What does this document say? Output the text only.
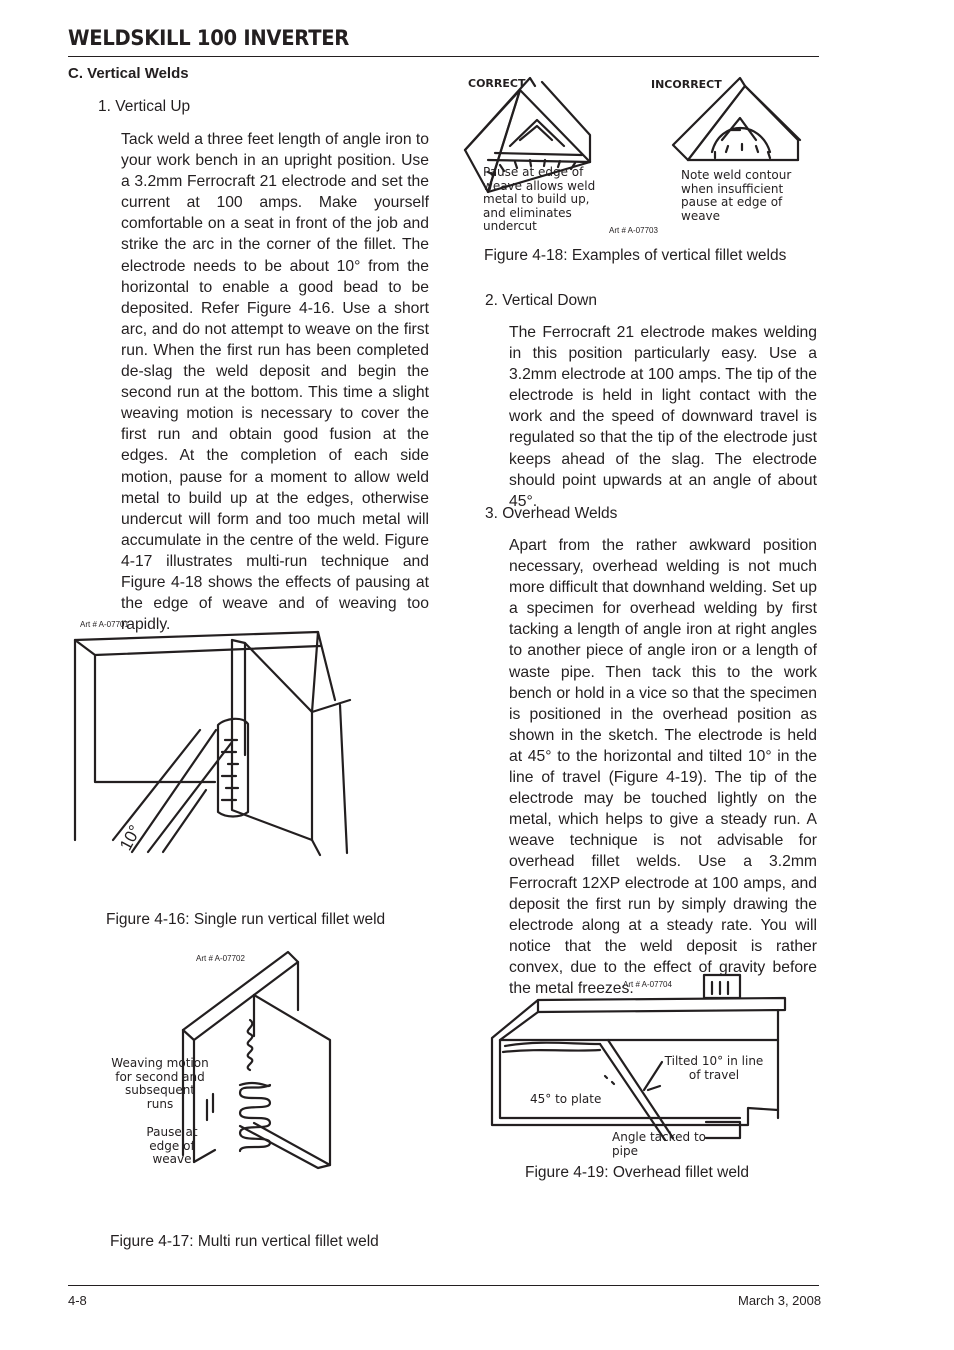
WELDSKILL 100 INVERTER
C. Vertical Welds
1. Vertical Up

Tack weld a three feet length of angle iron to your work bench in an upright position. Use a 3.2mm Ferrocraft 21 electrode and set the current at 100 amps. Make yourself comfortable on a seat in front of the job and strike the arc in the corner of the fillet. The electrode needs to be about 10° from the horizontal to enable a good bead to be deposited. Refer Figure 4-16. Use a short arc, and do not attempt to weave on the first run. When the first run has been completed de-slag the weld deposit and begin the second run at the bottom. This time a slight weaving motion is necessary to cover the first run and obtain good fusion at the edges. At the completion of each side motion, pause for a moment to allow weld metal to build up at the edges, otherwise undercut will form and too much metal will accumulate in the centre of the weld. Figure 4-17 illustrates multi-run technique and Figure 4-18 shows the effects of pausing at the edge of weave and of weaving too rapidly.

Art # A-07701
10°
Figure 4-16: Single run vertical fillet weld
Art # A-07702
Weaving motion for second and subsequent runs
Pause at edge of weave
Figure 4-17: Multi run vertical fillet weld
CORRECT	INCORRECT
Pause at edge of weave allows weld metal to build up, and eliminates undercut	Art # A-07703
Note weld contour when insufficient pause at edge of weave
Figure 4-18: Examples of vertical fillet welds
2. Vertical Down

The Ferrocraft 21 electrode makes welding in this position particularly easy. Use a 3.2mm electrode at 100 amps. The tip of the electrode is held in light contact with the work and the speed of downward travel is regulated so that the tip of the electrode just keeps ahead of the slag. The electrode should point upwards at an angle of about 45°.

3. Overhead Welds

Apart from the rather awkward position necessary, overhead welding is not much more difficult that downhand welding. Set up a specimen for overhead welding by first tacking a length of angle iron at right angles to another piece of angle iron or a length of waste pipe. Then tack this to the work bench or hold in a vice so that the specimen is positioned in the overhead position as shown in the sketch. The electrode is held at 45° to the horizontal and tilted 10° in the line of travel (Figure 4-19). The tip of the electrode may be touched lightly on the metal, which helps to give a steady run. A weave technique is not advisable for overhead fillet welds. Use a 3.2mm Ferrocraft 12XP electrode at 100 amps, and deposit the first run by simply drawing the electrode along at a steady rate. You will notice that the weld deposit is rather convex, due to the effect of gravity before the metal freezes.

Art # A-07704
Tilted 10° in line of travel
45° to plate
Angle tacked to pipe
Figure 4-19: Overhead fillet weld
4-8	March 3, 2008
